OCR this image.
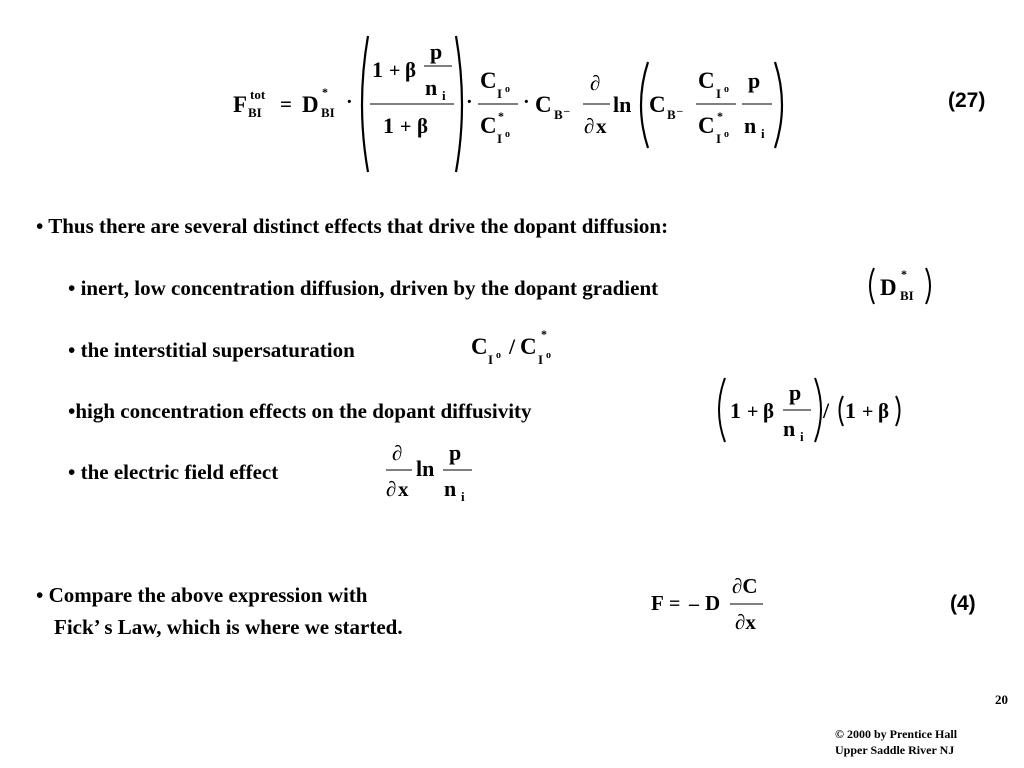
F tot
BI = D *
BI ·
1 + β
p
n i
1 + β
·
C
I o
C *
I o
· C B –
∂
∂ x
ln C B –
C
I o
C *
I o
p
n i
(27)
• Thus there are several distinct effects that drive the dopant diffusion:
• inert, low concentration diffusion, driven by the dopant gradient
• the interstitial supersaturation
•high concentration effects on the dopant diffusivity
• the electric field effect
D
*
BI
C
I o / C *
I o
1 + β
p
n i
/ 1 + β
∂
∂ x
ln
p
n i
• Compare the above expression with
Fick’ s Law, which is where we started.
F = – D
∂C
∂x
(4)
20
© 2000 by Prentice Hall
Upper Saddle River NJ
